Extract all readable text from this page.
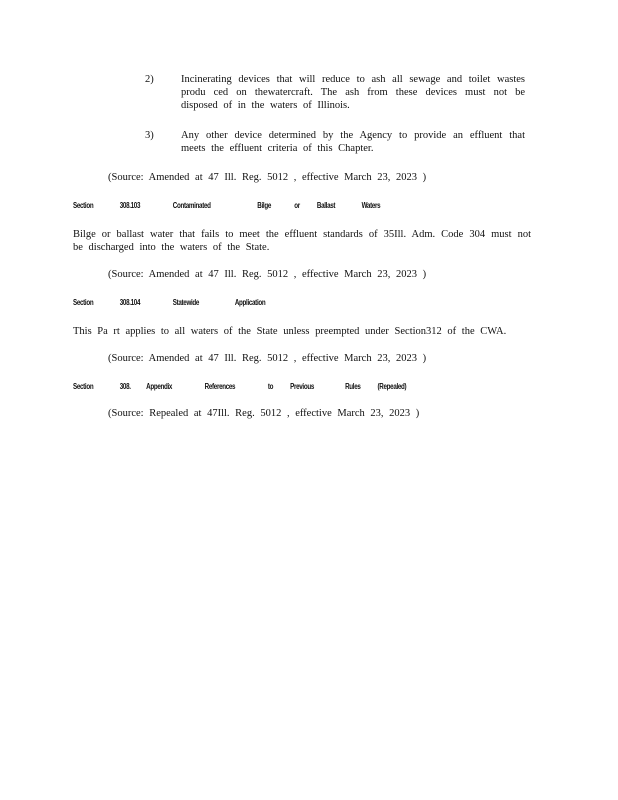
2)	Incinerating devices that will reduce to ash all sewage and toilet wastes produ ced on thewatercraft. The ash from these devices must not be disposed of in the waters of Illinois.
3)	Any other device determined by the Agency to provide an effluent that meets the effluent criteria of this Chapter.
(Source: Amended at 47 Ill. Reg. 5012 , effective March 23, 2023 )
Section	308.103	Contaminated	Bilge	or Ballast	Waters
Bilge or ballast water that fails to meet the effluent standards of 35Ill. Adm. Code 304 must not be discharged into the waters of the State.
(Source: Amended at 47 Ill. Reg. 5012 , effective March 23, 2023 )
Section	308.104	Statewide	Application
This Pa rt applies to all waters of the State unless preempted under Section312 of the CWA.
(Source: Amended at 47 Ill. Reg. 5012 , effective March 23, 2023 )
Section	308. Appendix	References	to Previous	Rules (Repealed)
(Source: Repealed at 47Ill. Reg. 5012 , effective March 23, 2023 )
